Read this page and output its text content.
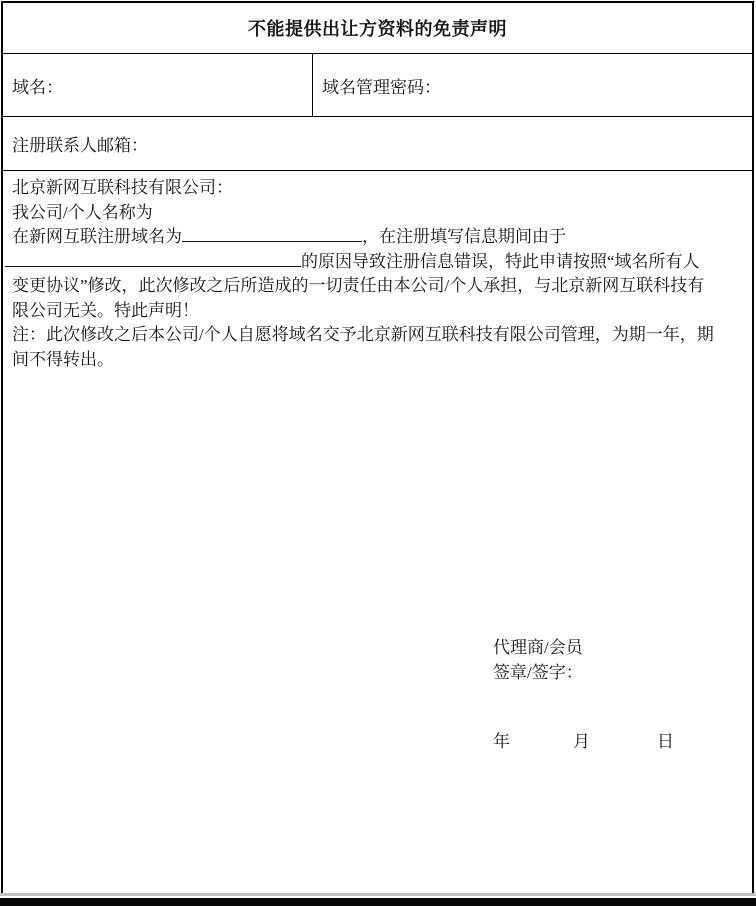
不能提供出让方资料的免责声明
域名：	域名管理密码：
注册联系人邮箱：
北京新网互联科技有限公司：
我公司/个人名称为
在新网互联注册域名为	，在注册填写信息期间由于
的原因导致注册信息错误，特此申请按照“域名所有人
变更协议”修改，此次修改之后所造成的一切责任由本公司/个人承担，与北京新网互联科技有
限公司无关。特此声明！
注：此次修改之后本公司/个人自愿将域名交予北京新网互联科技有限公司管理，为期一年，期
间不得转出。
代理商/会员
签章/签字：
年	月	日
